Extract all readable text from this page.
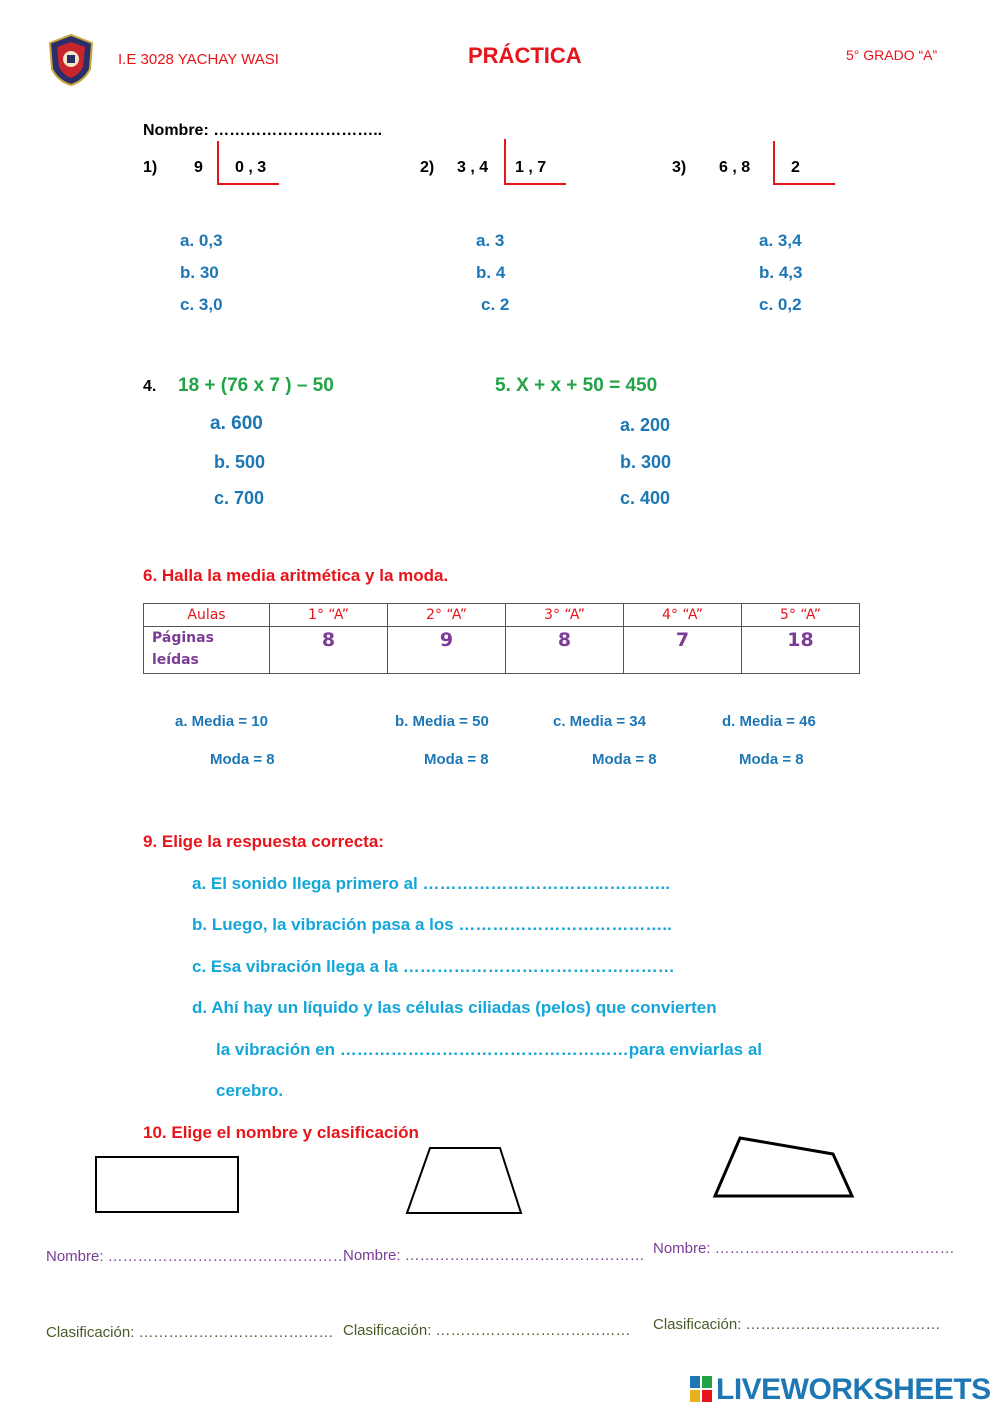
I.E 3028 YACHAY WASI	PRÁCTICA	5° GRADO “A”
Nombre: …………………………..
1) 9 0 , 3	2) 3 , 4 1 , 7	3) 6 , 8	2
a. 0,3
b. 30
c. 3,0
a. 3
b. 4
c. 2
a. 3,4
b. 4,3
c. 0,2
4. 18 + (76 x 7 ) – 50	5. X + x + 50 = 450
a. 600
b. 500
c. 700
a. 200
b. 300
c. 400
6. Halla la media aritmética y la moda.
Aulas	1° “A”	2° “A”	3° “A”	4° “A”	5° “A”
Páginas leídas	8	9	8	7	18
a. Media = 10
Moda = 8
b. Media = 50
Moda = 8
c. Media = 34
Moda = 8
d. Media = 46
Moda = 8
9. Elige la respuesta correcta:
a. El sonido llega primero al ……………………………………..
b. Luego, la vibración pasa a los ………………………………..
c. Esa vibración llega a la …………………………………………
d. Ahí hay un líquido y las células ciliadas (pelos) que convierten
la vibración en ……………………………………………para enviarlas al
cerebro.
10. Elige el nombre y clasificación
Nombre: …………………………………………
Nombre: ………………………………………… Nombre: …………………………………………
Clasificación: ………………………………… Clasificación: ………………………………… Clasificación: …………………………………
LIVEWORKSHEETS
